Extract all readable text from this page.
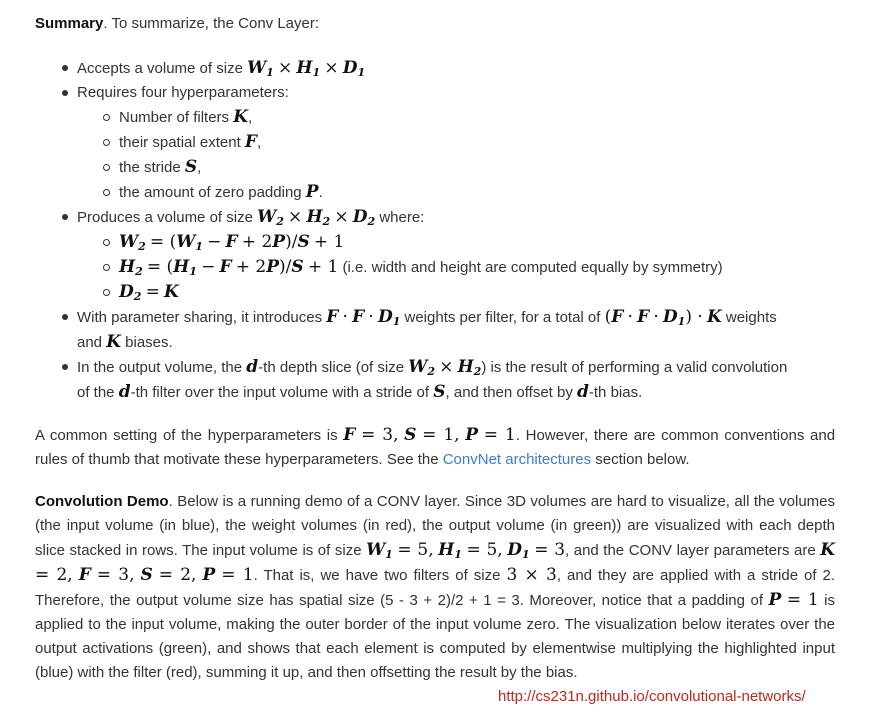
Summary. To summarize, the Conv Layer:

Accepts a volume of size $W_1 \times H_1 \times D_1$
Requires four hyperparameters:
Number of filters K,
their spatial extent F,
the stride S,
the amount of zero padding P.
Produces a volume of size $W_2 \times H_2 \times D_2$ where:
$W_2 = (W_1 - F + 2P)/S + 1$
$H_2 = (H_1 - F + 2P)/S + 1$ (i.e. width and height are computed equally by symmetry)
$D_2 = K$
With parameter sharing, it introduces $F \cdot F \cdot D_1$ weights per filter, for a total of $(F \cdot F \cdot D_1) \cdot K$ weights
and K biases.
In the output volume, the d-th depth slice (of size $W_2 \times H_2$) is the result of performing a valid convolution
of the d-th filter over the input volume with a stride of S, and then offset by d-th bias.

A common setting of the hyperparameters is F = 3, S = 1, P = 1. However, there are common conventions and rules of thumb that motivate these hyperparameters. See the ConvNet architectures section below.

Convolution Demo. Below is a running demo of a CONV layer. Since 3D volumes are hard to visualize, all the volumes (the input volume (in blue), the weight volumes (in red), the output volume (in green)) are visualized with each depth slice stacked in rows. The input volume is of size $W_1 = 5$, $H_1 = 5$, $D_1 = 3$, and the CONV layer parameters are K = 2, F = 3, S = 2, P = 1. That is, we have two filters of size 3 × 3, and they are applied with a stride of 2. Therefore, the output volume size has spatial size (5 - 3 + 2)/2 + 1 = 3. Moreover, notice that a padding of P = 1 is applied to the input volume, making the outer border of the input volume zero. The visualization below iterates over the output activations (green), and shows that each element is computed by elementwise multiplying the highlighted input (blue) with the filter (red), summing it up, and then offsetting the result by the bias.

http://cs231n.github.io/convolutional-networks/
